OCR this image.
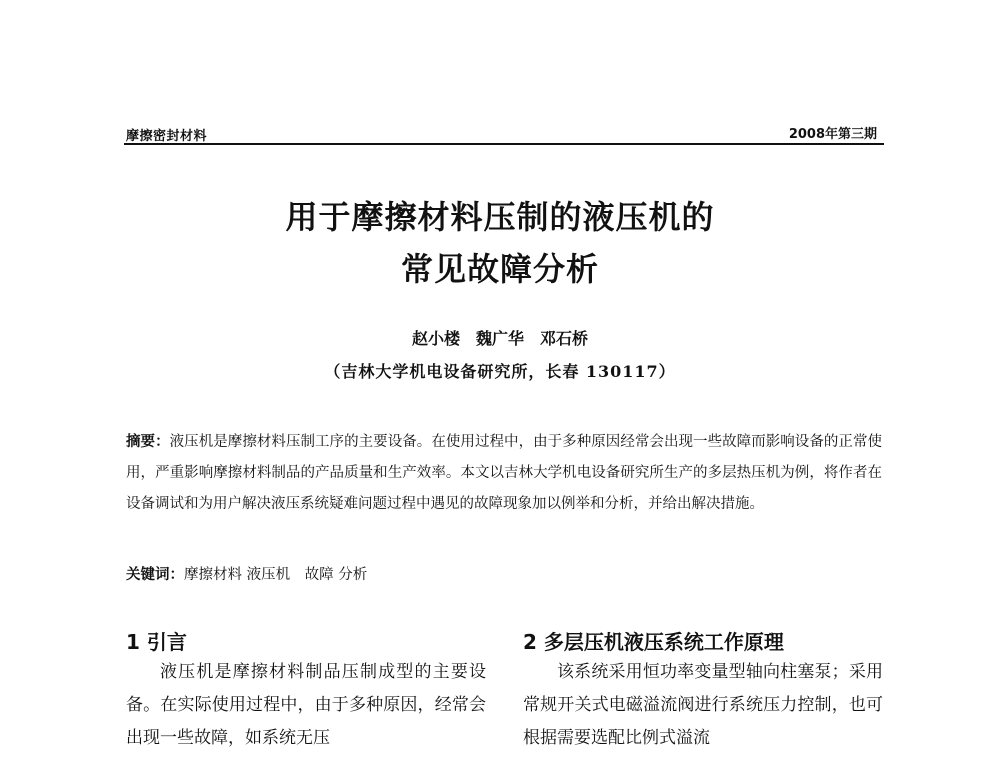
摩擦密封材料	2008年第三期
用于摩擦材料压制的液压机的
常见故障分析
赵小楼　魏广华　邓石桥
（吉林大学机电设备研究所，长春 130117）

摘要：液压机是摩擦材料压制工序的主要设备。在使用过程中，由于多种原因经常会出现一些故障而影响设备的正常使用，严重影响摩擦材料制品的产品质量和生产效率。本文以吉林大学机电设备研究所生产的多层热压机为例，将作者在设备调试和为用户解决液压系统疑难问题过程中遇见的故障现象加以例举和分析，并给出解决措施。

关键词：摩擦材料 液压机　故障 分析

1 引言

液压机是摩擦材料制品压制成型的主要设备。在实际使用过程中，由于多种原因，经常会出现一些故障，如系统无压

2 多层压机液压系统工作原理

该系统采用恒功率变量型轴向柱塞泵；采用常规开关式电磁溢流阀进行系统压力控制，也可根据需要选配比例式溢流
